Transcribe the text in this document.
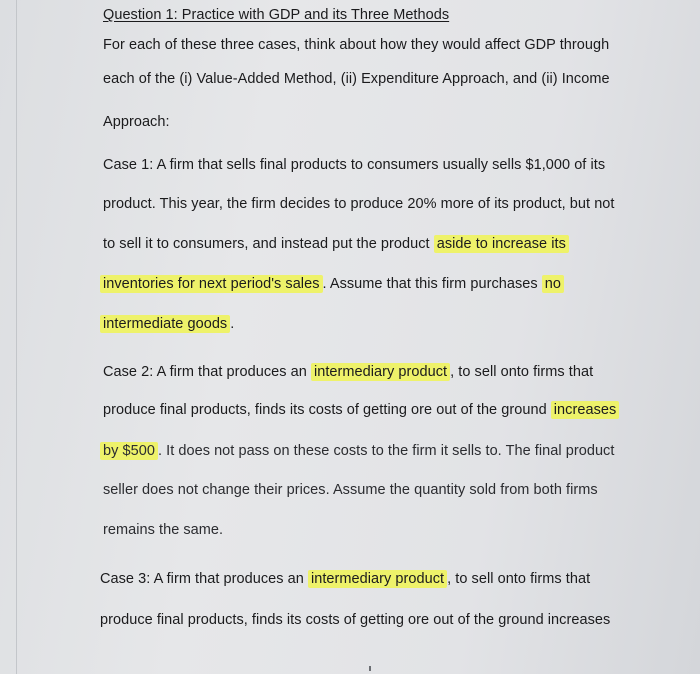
Question 1: Practice with GDP and its Three Methods
For each of these three cases, think about how they would affect GDP through
each of the (i) Value-Added Method, (ii) Expenditure Approach, and (ii) Income
Approach:
Case 1: A firm that sells final products to consumers usually sells $1,000 of its
product. This year, the firm decides to produce 20% more of its product, but not
to sell it to consumers, and instead put the product aside to increase its
inventories for next period's sales . Assume that this firm purchases no
intermediate goods .
Case 2: A firm that produces an intermediary product , to sell onto firms that
produce final products, finds its costs of getting ore out of the ground increases
by $500 . It does not pass on these costs to the firm it sells to. The final product
seller does not change their prices. Assume the quantity sold from both firms
remains the same.
Case 3: A firm that produces an intermediary product , to sell onto firms that
produce final products, finds its costs of getting ore out of the ground increases
